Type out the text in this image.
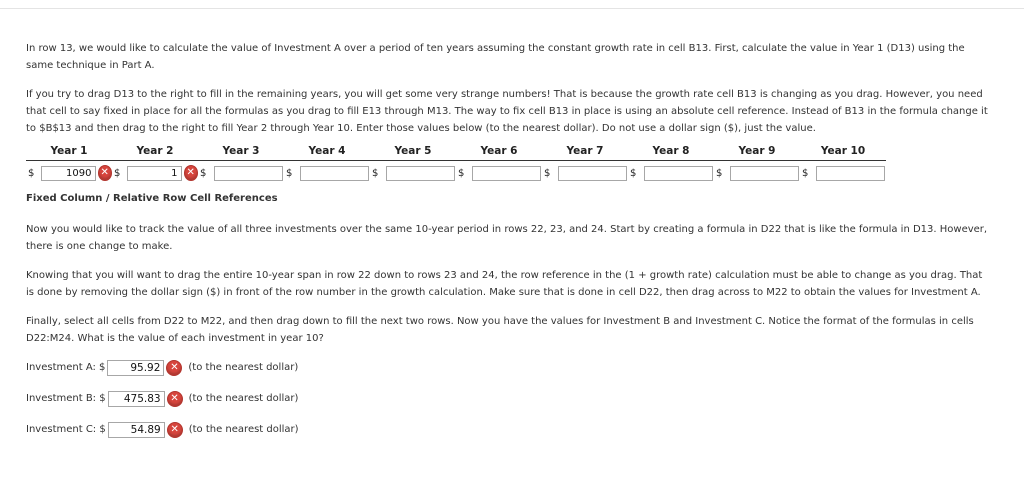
In row 13, we would like to calculate the value of Investment A over a period of ten years assuming the constant growth rate in cell B13. First, calculate the value in Year 1 (D13) using the same technique in Part A.

If you try to drag D13 to the right to fill in the remaining years, you will get some very strange numbers! That is because the growth rate cell B13 is changing as you drag. However, you need that cell to say fixed in place for all the formulas as you drag to fill E13 through M13. The way to fix cell B13 in place is using an absolute cell reference. Instead of B13 in the formula change it to $B$13 and then drag to the right to fill Year 2 through Year 10. Enter those values below (to the nearest dollar). Do not use a dollar sign ($), just the value.

Year 1	Year 2	Year 3	Year 4	Year 5	Year 6	Year 7	Year 8	Year 9	Year 10

$ 1090 ✕	$ 1 ✕	$	$	$	$	$	$	$	$

Fixed Column / Relative Row Cell References

Now you would like to track the value of all three investments over the same 10-year period in rows 22, 23, and 24. Start by creating a formula in D22 that is like the formula in D13. However, there is one change to make.

Knowing that you will want to drag the entire 10-year span in row 22 down to rows 23 and 24, the row reference in the (1 + growth rate) calculation must be able to change as you drag. That is done by removing the dollar sign ($) in front of the row number in the growth calculation. Make sure that is done in cell D22, then drag across to M22 to obtain the values for Investment A.

Finally, select all cells from D22 to M22, and then drag down to fill the next two rows. Now you have the values for Investment B and Investment C. Notice the format of the formulas in cells D22:M24. What is the value of each investment in year 10?

Investment A: $	95.92 ✕ (to the nearest dollar)
Investment B: $	475.83 ✕ (to the nearest dollar)
Investment C: $	54.89 ✕ (to the nearest dollar)
